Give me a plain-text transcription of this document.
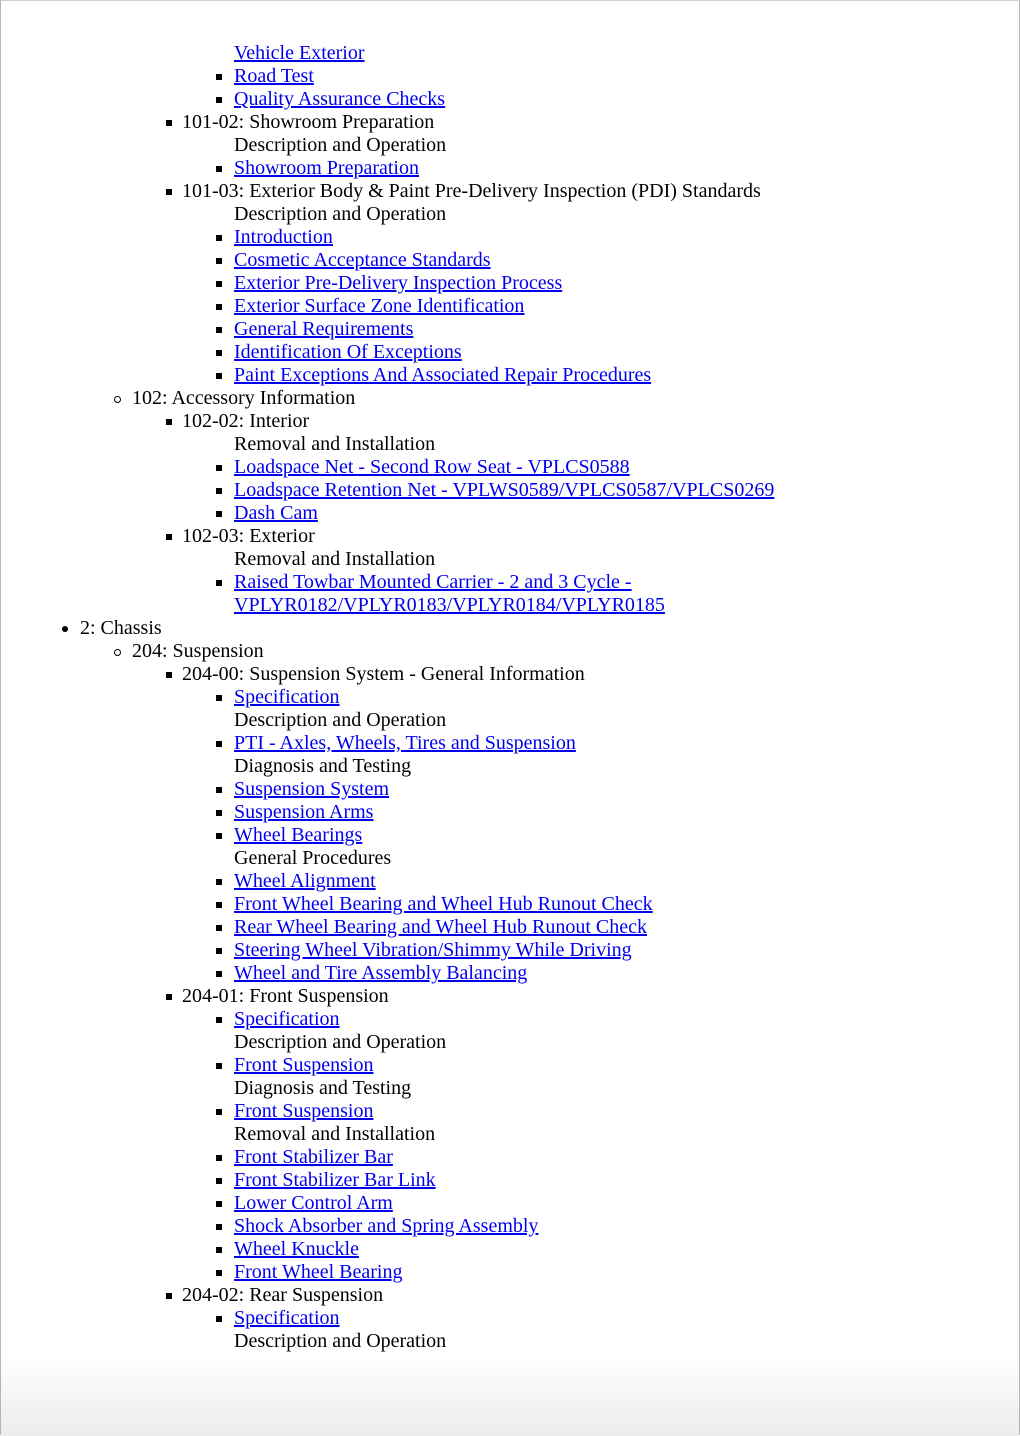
Vehicle Exterior
Road Test
Quality Assurance Checks
101-02: Showroom Preparation
Description and Operation
Showroom Preparation
101-03: Exterior Body & Paint Pre-Delivery Inspection (PDI) Standards
Description and Operation
Introduction
Cosmetic Acceptance Standards
Exterior Pre-Delivery Inspection Process
Exterior Surface Zone Identification
General Requirements
Identification Of Exceptions
Paint Exceptions And Associated Repair Procedures
102: Accessory Information
102-02: Interior
Removal and Installation
Loadspace Net - Second Row Seat - VPLCS0588
Loadspace Retention Net - VPLWS0589/VPLCS0587/VPLCS0269
Dash Cam
102-03: Exterior
Removal and Installation
Raised Towbar Mounted Carrier - 2 and 3 Cycle - VPLYR0182/VPLYR0183/VPLYR0184/VPLYR0185
2: Chassis
204: Suspension
204-00: Suspension System - General Information
Specification
Description and Operation
PTI - Axles, Wheels, Tires and Suspension
Diagnosis and Testing
Suspension System
Suspension Arms
Wheel Bearings
General Procedures
Wheel Alignment
Front Wheel Bearing and Wheel Hub Runout Check
Rear Wheel Bearing and Wheel Hub Runout Check
Steering Wheel Vibration/Shimmy While Driving
Wheel and Tire Assembly Balancing
204-01: Front Suspension
Specification
Description and Operation
Front Suspension
Diagnosis and Testing
Front Suspension
Removal and Installation
Front Stabilizer Bar
Front Stabilizer Bar Link
Lower Control Arm
Shock Absorber and Spring Assembly
Wheel Knuckle
Front Wheel Bearing
204-02: Rear Suspension
Specification
Description and Operation
